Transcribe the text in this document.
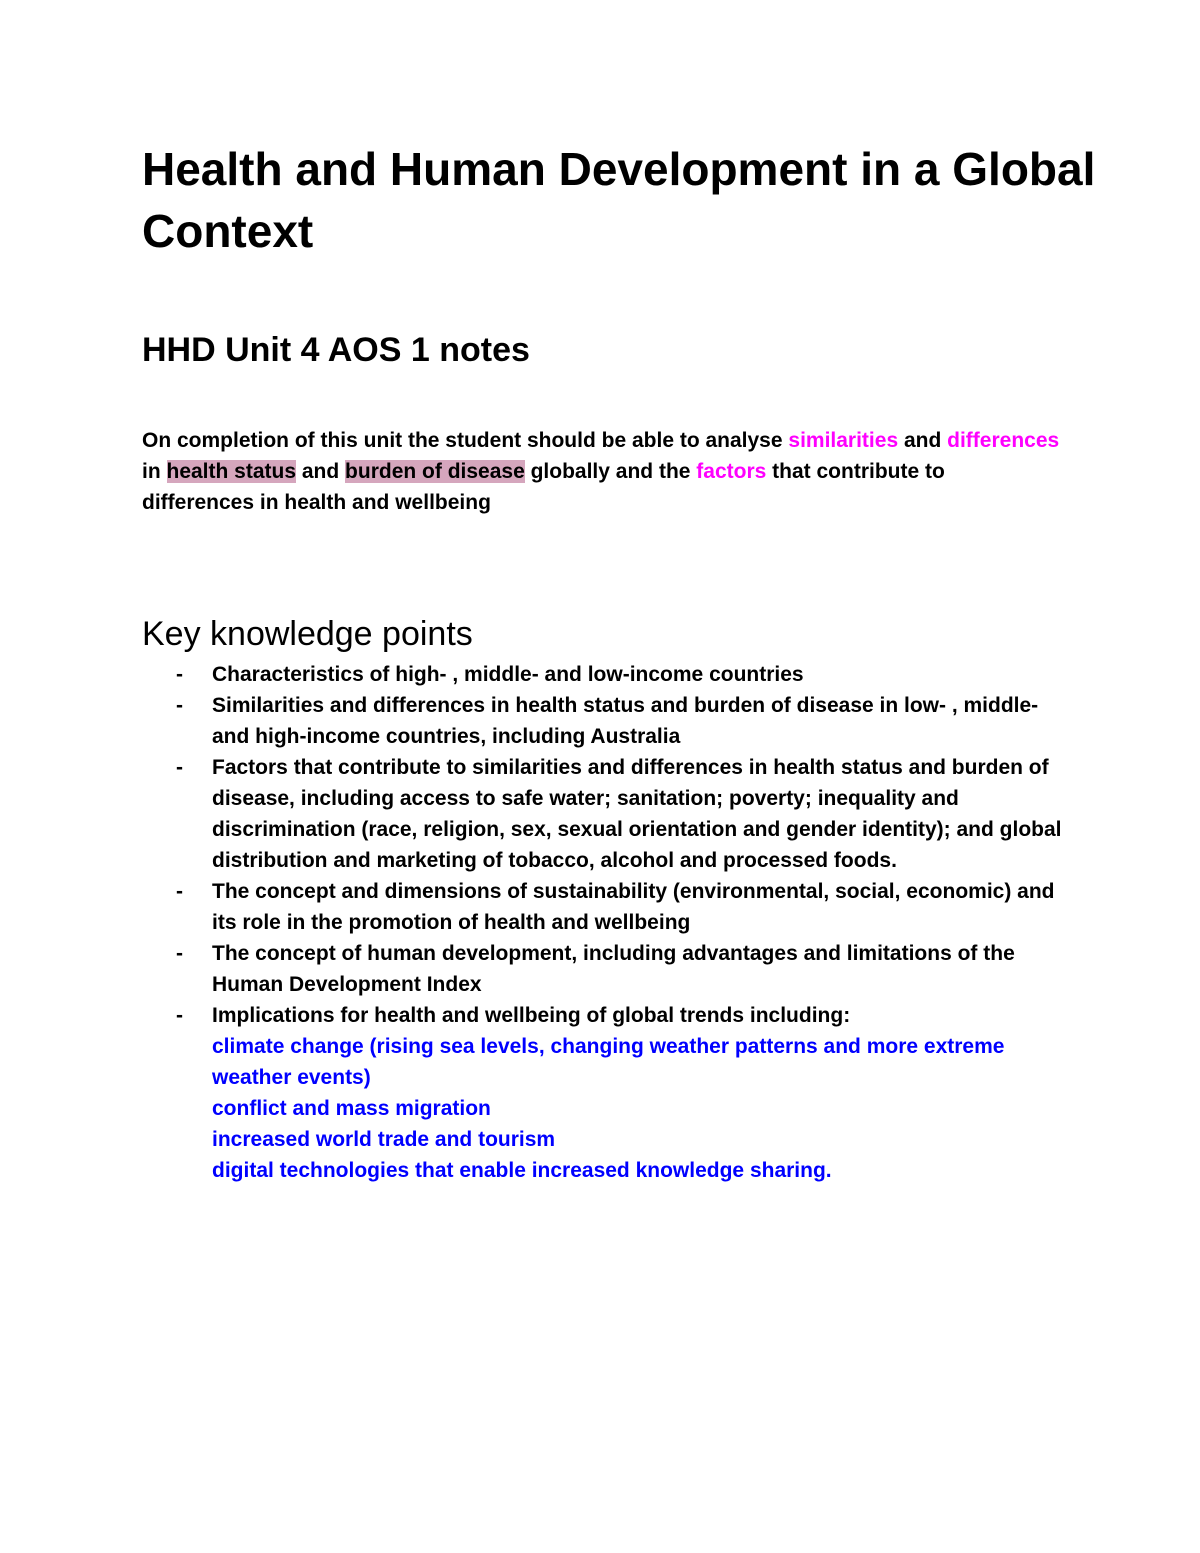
Health and Human Development in a Global Context
HHD Unit 4 AOS 1 notes

On completion of this unit the student should be able to analyse similarities and differences in health status and burden of disease globally and the factors that contribute to differences in health and wellbeing

Key knowledge points
- Characteristics of high- , middle- and low-income countries
- Similarities and differences in health status and burden of disease in low- , middle- and high-income countries, including Australia
- Factors that contribute to similarities and differences in health status and burden of disease, including access to safe water; sanitation; poverty; inequality and discrimination (race, religion, sex, sexual orientation and gender identity); and global distribution and marketing of tobacco, alcohol and processed foods.
- The concept and dimensions of sustainability (environmental, social, economic) and its role in the promotion of health and wellbeing
- The concept of human development, including advantages and limitations of the Human Development Index
- Implications for health and wellbeing of global trends including:
climate change (rising sea levels, changing weather patterns and more extreme weather events)
conflict and mass migration
increased world trade and tourism
digital technologies that enable increased knowledge sharing.
